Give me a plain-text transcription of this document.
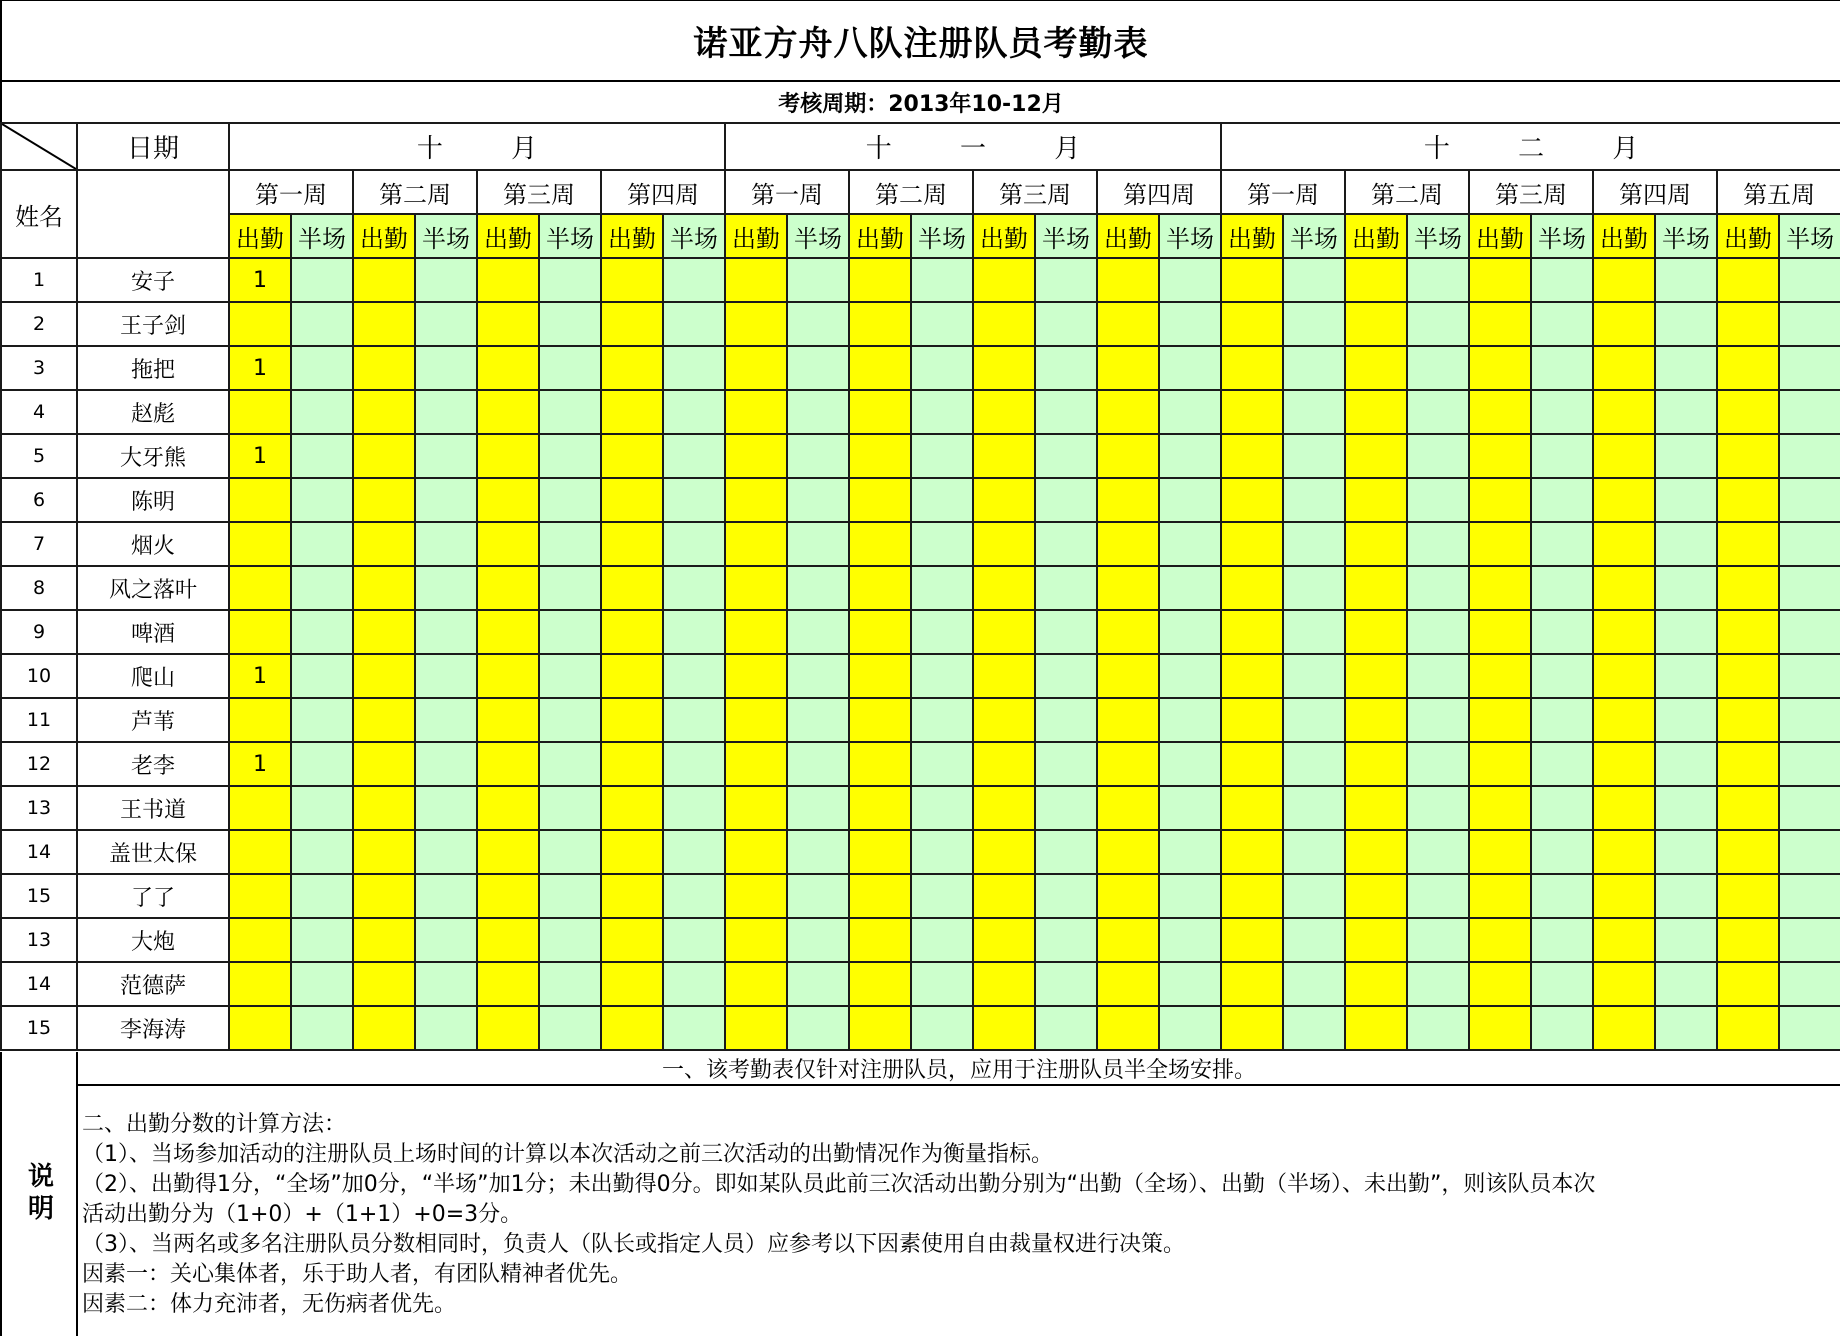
诺亚方舟八队注册队员考勤表
考核周期：2013年10-12月
	日期	十 月								十 一 月								十 二 月									
姓名		第一周		第二周		第三周		第四周		第一周		第二周		第三周		第四周		第一周		第二周		第三周		第四周		第五周	
		出勤	半场	出勤	半场	出勤	半场	出勤	半场	出勤	半场	出勤	半场	出勤	半场	出勤	半场	出勤	半场	出勤	半场	出勤	半场	出勤	半场	出勤	半场
1	安子	1																									
2	王子剑																										
3	拖把	1																									
4	赵彪																										
5	大牙熊	1																									
6	陈明																										
7	烟火																										
8	风之落叶																										
9	啤酒																										
10	爬山	1																									
11	芦苇																										
12	老李	1																									
13	王书道																										
14	盖世太保																										
15	了了																										
13	大炮																										
14	范德萨																										
15	李海涛																										
说明
一、该考勤表仅针对注册队员，应用于注册队员半全场安排。
二、出勤分数的计算方法：
（1）、当场参加活动的注册队员上场时间的计算以本次活动之前三次活动的出勤情况作为衡量指标。
（2）、出勤得1分，“全场”加0分，“半场”加1分；未出勤得0分。即如某队员此前三次活动出勤分别为“出勤（全场）、出勤（半场）、未出勤”，则该队员本次
活动出勤分为（1+0）+（1+1）+0=3分。
（3）、当两名或多名注册队员分数相同时，负责人（队长或指定人员）应参考以下因素使用自由裁量权进行决策。
因素一：关心集体者，乐于助人者，有团队精神者优先。
因素二：体力充沛者，无伤病者优先。
